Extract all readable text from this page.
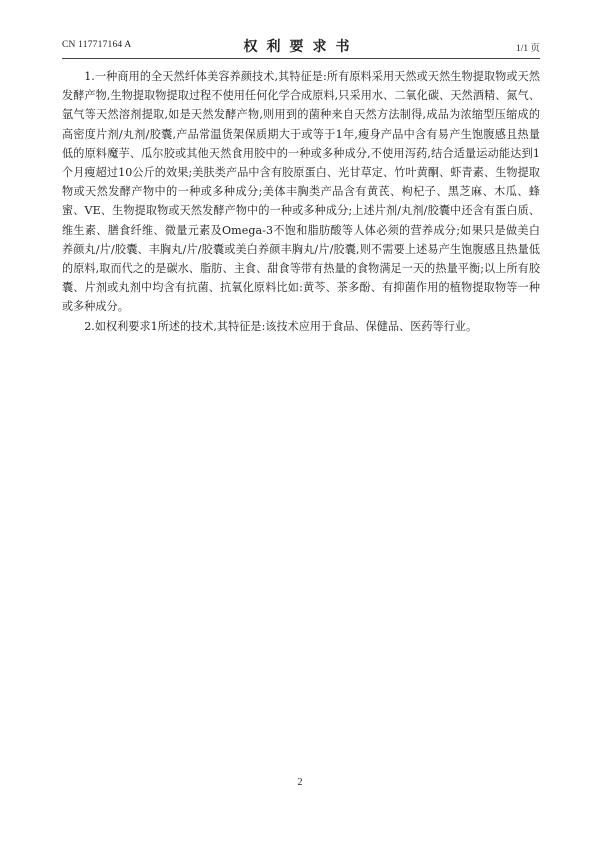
CN 117717164 A	权利要求书	1/1 页

1.一种商用的全天然纤体美容养颜技术,其特征是:所有原料采用天然或天然生物提取物或天然发酵产物,生物提取物提取过程不使用任何化学合成原料,只采用水、二氧化碳、天然酒精、氮气、氩气等天然溶剂提取,如是天然发酵产物,则用到的菌种来自天然方法制得,成品为浓缩型压缩成的高密度片剂/丸剂/胶囊,产品常温货架保质期大于或等于1年,瘦身产品中含有易产生饱腹感且热量低的原料魔芋、瓜尔胶或其他天然食用胶中的一种或多种成分,不使用泻药,结合适量运动能达到1个月瘦超过10公斤的效果;美肤类产品中含有胶原蛋白、光甘草定、竹叶黄酮、虾青素、生物提取物或天然发酵产物中的一种或多种成分;美体丰胸类产品含有黄芪、枸杞子、黑芝麻、木瓜、蜂蜜、VE、生物提取物或天然发酵产物中的一种或多种成分;上述片剂/丸剂/胶囊中还含有蛋白质、维生素、膳食纤维、微量元素及Omega-3不饱和脂肪酸等人体必须的营养成分;如果只是做美白养颜丸/片/胶囊、丰胸丸/片/胶囊或美白养颜丰胸丸/片/胶囊,则不需要上述易产生饱腹感且热量低的原料,取而代之的是碳水、脂肪、主食、甜食等带有热量的食物满足一天的热量平衡;以上所有胶囊、片剂或丸剂中均含有抗菌、抗氧化原料比如:黄芩、茶多酚、有抑菌作用的植物提取物等一种或多种成分。

2.如权利要求1所述的技术,其特征是:该技术应用于食品、保健品、医药等行业。

2
